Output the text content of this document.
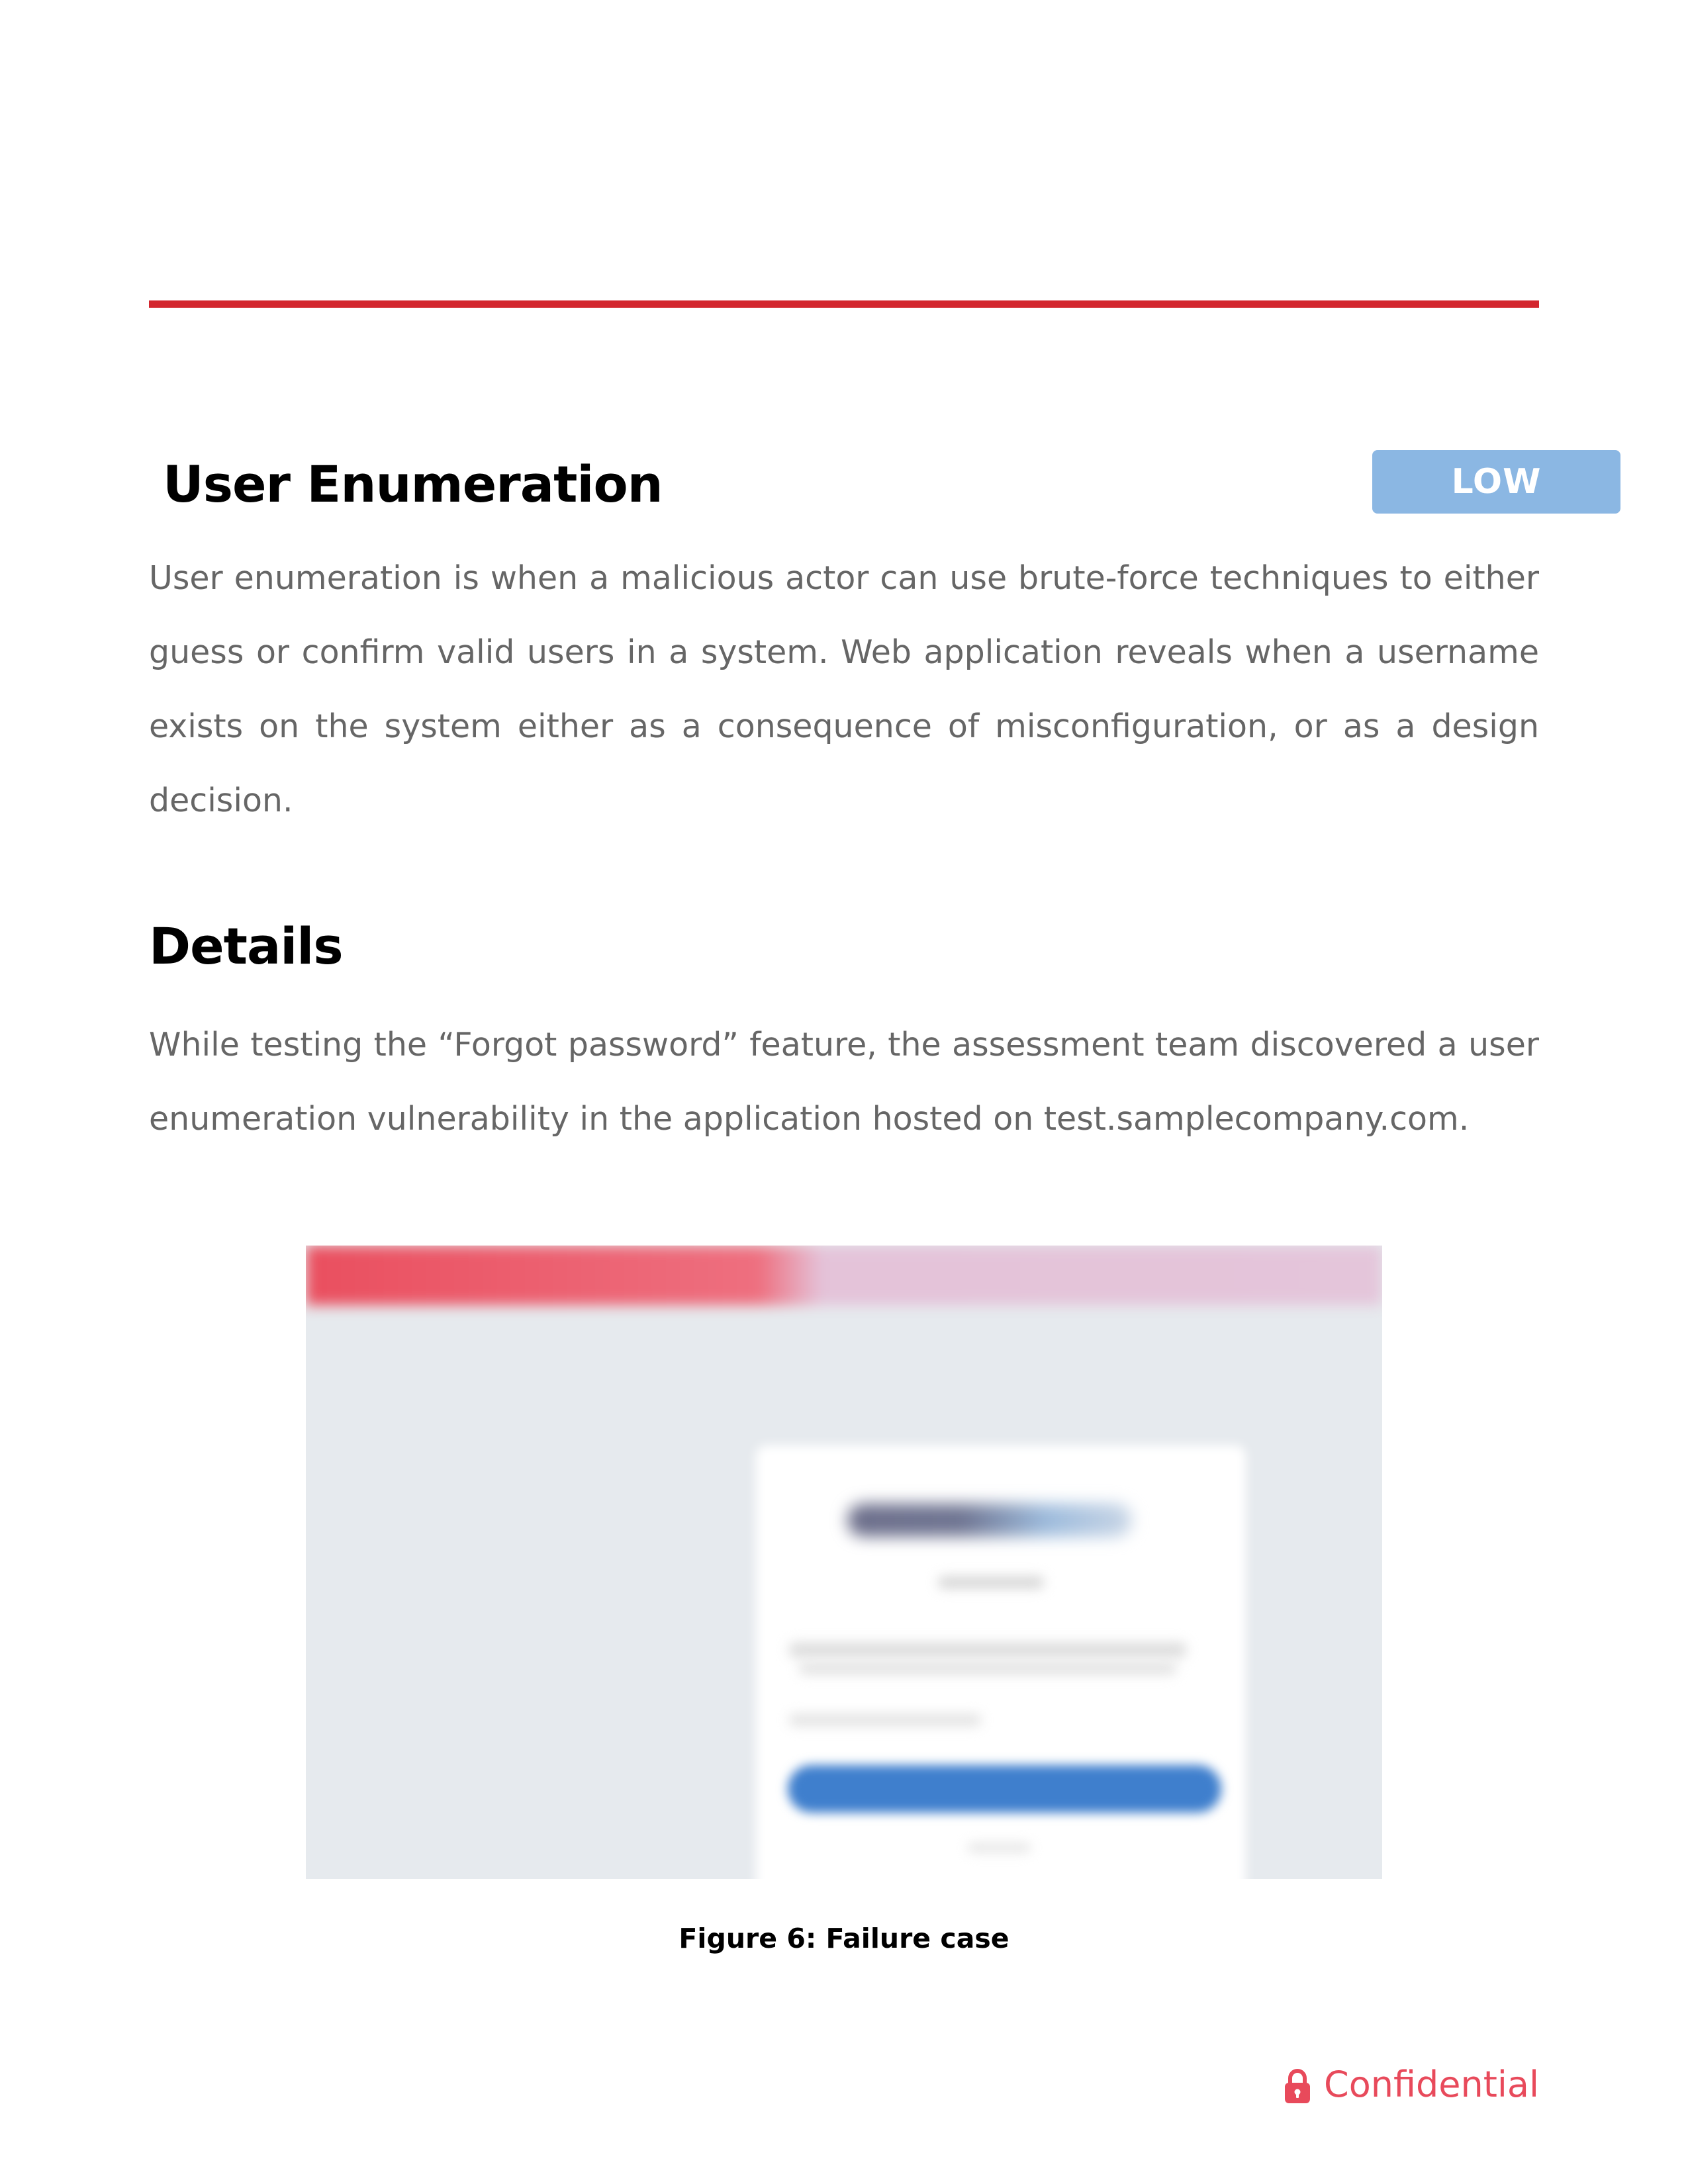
User Enumeration	LOW

User enumeration is when a malicious actor can use brute-force techniques to either guess or confirm valid users in a system. Web application reveals when a username exists on the system either as a consequence of misconfiguration, or as a design decision.

Details

While testing the “Forgot password” feature, the assessment team discovered a user enumeration vulnerability in the application hosted on test.samplecompany.com.

Figure 6: Failure case

Confidential
